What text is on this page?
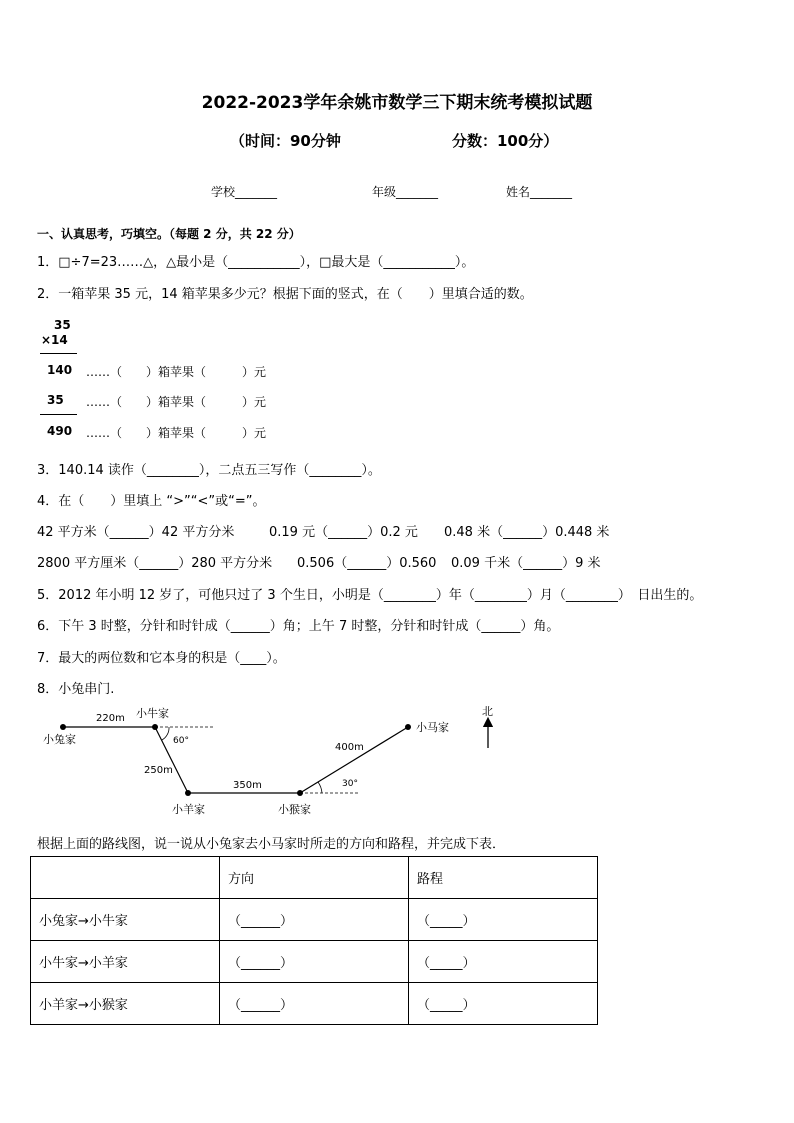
2022-2023学年余姚市数学三下期末统考模拟试题
（时间：90分钟	分数：100分）
学校_______	年级_______	姓名_______
一、认真思考，巧填空。（每题 2 分，共 22 分）
1．□÷7=23……△，△最小是（___________），□最大是（___________）。
2．一箱苹果 35 元，14 箱苹果多少元？根据下面的竖式，在（　　）里填合适的数。
35
×14
140 ……（　　）箱苹果（　　　）元
35 ……（　　）箱苹果（　　　）元
490 ……（　　）箱苹果（　　　）元
3．140.14 读作（________），二点五三写作（________）。
4．在（　　）里填上 “>”“<”或“=”。
42 平方米（______）42 平方分米	0.19 元（______）0.2 元 0.48 米（______）0.448 米
2800 平方厘米（______）280 平方分米 0.506（______）0.560 0.09 千米（______）9 米
5．2012 年小明 12 岁了，可他只过了 3 个生日，小明是（________）年（________）月（________）　日出生的。
6．下午 3 时整，分针和时针成（______）角；上午 7 时整，分针和时针成（______）角。
7．最大的两位数和它本身的积是（____）。
8．小兔串门.
小兔家
小牛家
小羊家	小猴家
小马家
220m
250m
350m
400m
60°
30°
北
根据上面的路线图，说一说从小兔家去小马家时所走的方向和路程，并完成下表．
	方向	路程
小兔家→小牛家	（______）	（_____）
小牛家→小羊家	（______）	（_____）
小羊家→小猴家	（______）	（_____）
